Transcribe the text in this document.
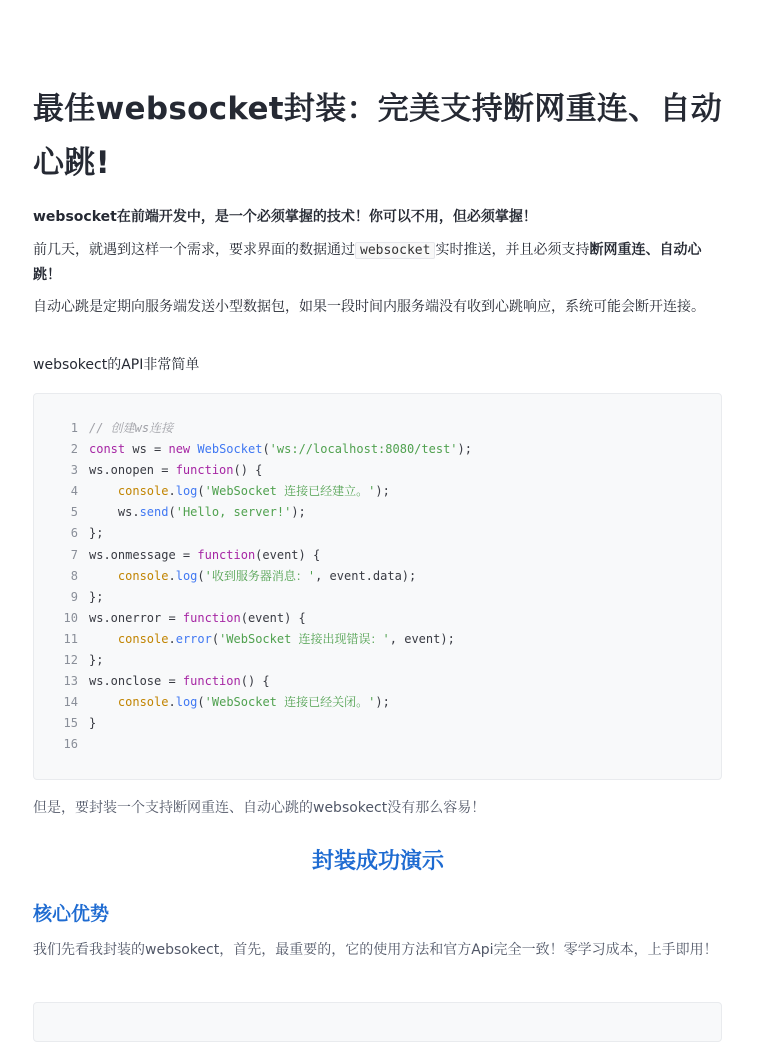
最佳websocket封装：完美支持断网重连、自动心跳!

websocket在前端开发中，是一个必须掌握的技术！你可以不用，但必须掌握！

前几天，就遇到这样一个需求，要求界面的数据通过 websocket 实时推送，并且必须支持断网重连、自动心跳！

自动心跳是定期向服务端发送小型数据包，如果一段时间内服务端没有收到心跳响应，系统可能会断开连接。

websokect的API非常简单

1 // 创建ws连接
2 const ws = new WebSocket('ws://localhost:8080/test');
3 ws.onopen = function() {
4	console.log('WebSocket 连接已经建立。');
5    ws.send('Hello, server!');
6 };
7 ws.onmessage = function(event) {
8	console.log('收到服务器消息：', event.data);
9 };
10 ws.onerror = function(event) {
11	console.error('WebSocket 连接出现错误：', event);
12 };
13 ws.onclose = function() {
14	console.log('WebSocket 连接已经关闭。');
15 }
16

但是，要封装一个支持断网重连、自动心跳的websokect没有那么容易！

封装成功演示
核心优势

我们先看我封装的websokect，首先，最重要的，它的使用方法和官方Api完全一致！零学习成本，上手即用！
